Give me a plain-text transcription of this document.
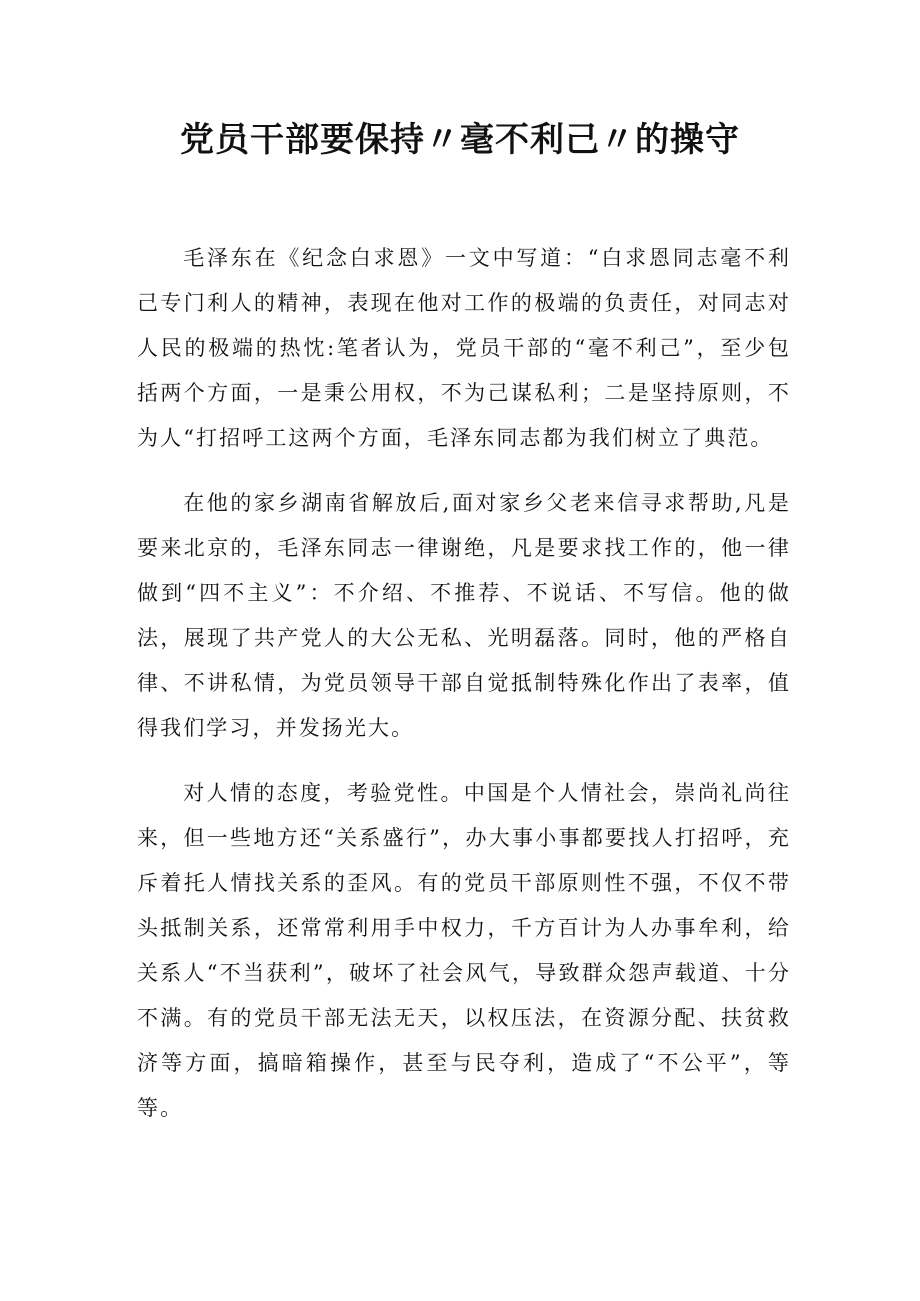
党员干部要保持〃毫不利己〃的操守

毛泽东在《纪念白求恩》一文中写道：“白求恩同志毫不利己专门利人的精神，表现在他对工作的极端的负责任，对同志对人民的极端的热忱:笔者认为，党员干部的“毫不利己”，至少包括两个方面，一是秉公用权，不为己谋私利；二是坚持原则，不为人“打招呼工这两个方面，毛泽东同志都为我们树立了典范。

在他的家乡湖南省解放后,面对家乡父老来信寻求帮助,凡是要来北京的，毛泽东同志一律谢绝，凡是要求找工作的，他一律做到“四不主义”：不介绍、不推荐、不说话、不写信。他的做法，展现了共产党人的大公无私、光明磊落。同时，他的严格自律、不讲私情，为党员领导干部自觉抵制特殊化作出了表率，值得我们学习，并发扬光大。

对人情的态度，考验党性。中国是个人情社会，崇尚礼尚往来，但一些地方还“关系盛行”，办大事小事都要找人打招呼，充斥着托人情找关系的歪风。有的党员干部原则性不强，不仅不带头抵制关系，还常常利用手中权力，千方百计为人办事牟利，给关系人“不当获利”，破坏了社会风气，导致群众怨声载道、十分不满。有的党员干部无法无天，以权压法，在资源分配、扶贫救济等方面，搞暗箱操作，甚至与民夺利，造成了“不公平”，等等。
